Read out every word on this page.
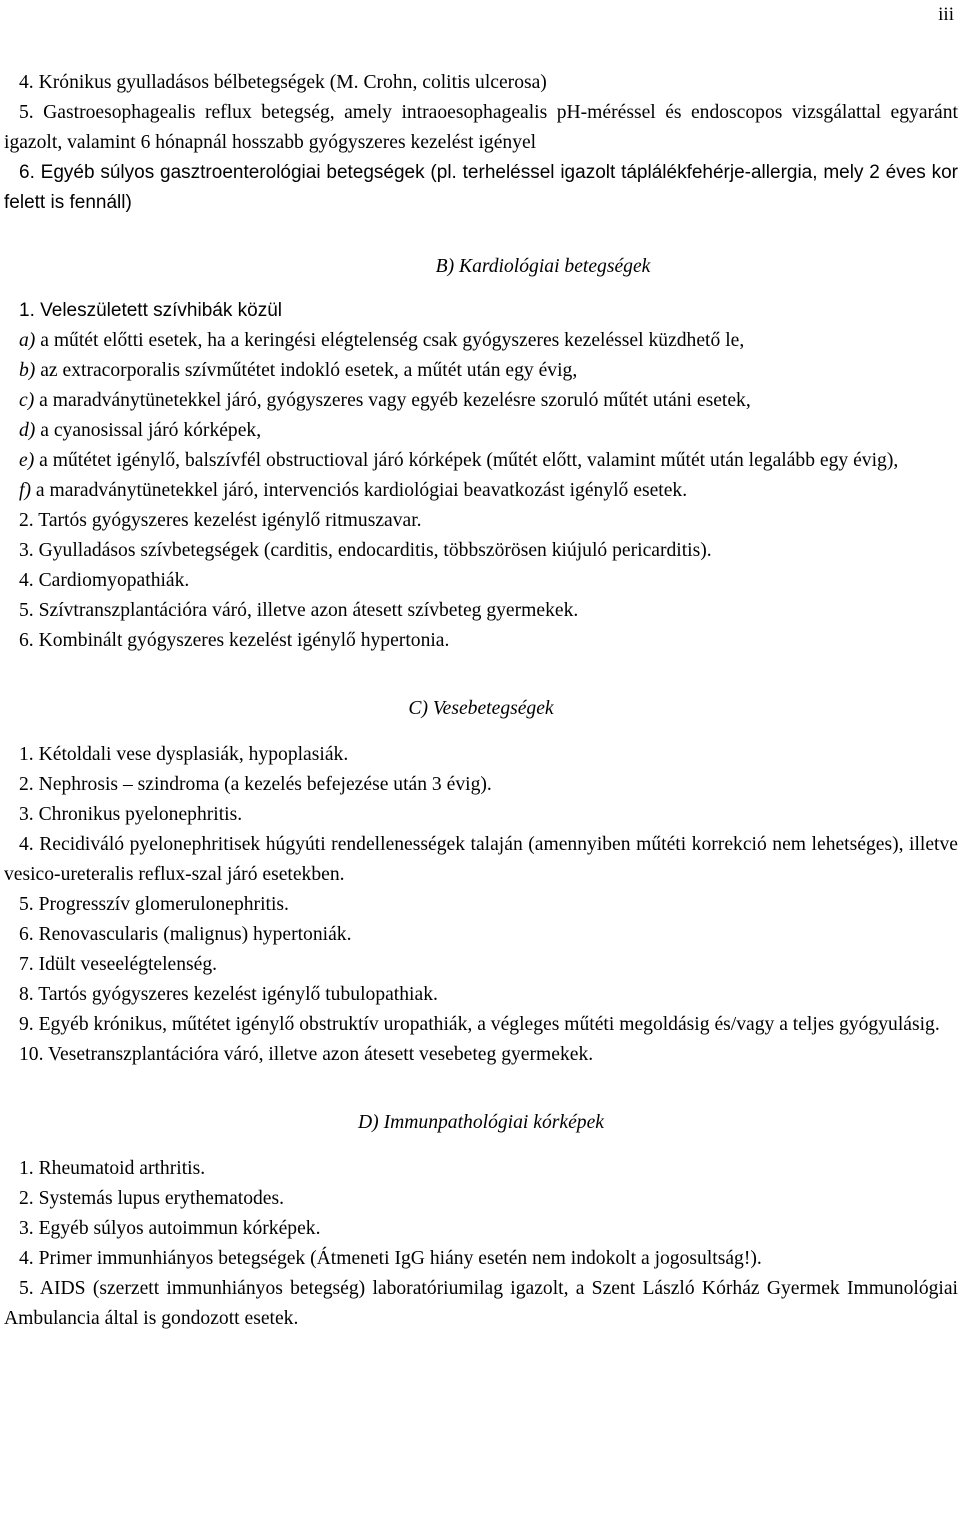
iii

4. Krónikus gyulladásos bélbetegségek (M. Crohn, colitis ulcerosa)

5. Gastroesophagealis reflux betegség, amely intraoesophagealis pH-méréssel és endoscopos vizsgálattal egyaránt igazolt, valamint 6 hónapnál hosszabb gyógyszeres kezelést igényel

6. Egyéb súlyos gasztroenterológiai betegségek (pl. terheléssel igazolt táplálékfehérje-allergia, mely 2 éves kor felett is fennáll)

B) Kardiológiai betegségek

1. Veleszületett szívhibák közül

a) a műtét előtti esetek, ha a keringési elégtelenség csak gyógyszeres kezeléssel küzdhető le,

b) az extracorporalis szívműtétet indokló esetek, a műtét után egy évig,

c) a maradványtünetekkel járó, gyógyszeres vagy egyéb kezelésre szoruló műtét utáni esetek,

d) a cyanosissal járó kórképek,

e) a műtétet igénylő, balszívfél obstructioval járó kórképek (műtét előtt, valamint műtét után legalább egy évig),

f) a maradványtünetekkel járó, intervenciós kardiológiai beavatkozást igénylő esetek.

2. Tartós gyógyszeres kezelést igénylő ritmuszavar.

3. Gyulladásos szívbetegségek (carditis, endocarditis, többszörösen kiújuló pericarditis).

4. Cardiomyopathiák.

5. Szívtranszplantációra váró, illetve azon átesett szívbeteg gyermekek.

6. Kombinált gyógyszeres kezelést igénylő hypertonia.

C) Vesebetegségek

1. Kétoldali vese dysplasiák, hypoplasiák.

2. Nephrosis – szindroma (a kezelés befejezése után 3 évig).

3. Chronikus pyelonephritis.

4. Recidiváló pyelonephritisek húgyúti rendellenességek talaján (amennyiben műtéti korrekció nem lehetséges), illetve vesico-ureteralis reflux-szal járó esetekben.

5. Progresszív glomerulonephritis.

6. Renovascularis (malignus) hypertoniák.

7. Idült veseelégtelenség.

8. Tartós gyógyszeres kezelést igénylő tubulopathiak.

9. Egyéb krónikus, műtétet igénylő obstruktív uropathiák, a végleges műtéti megoldásig és/vagy a teljes gyógyulásig.

10. Vesetranszplantációra váró, illetve azon átesett vesebeteg gyermekek.

D) Immunpathológiai kórképek

1. Rheumatoid arthritis.

2. Systemás lupus erythematodes.

3. Egyéb súlyos autoimmun kórképek.

4. Primer immunhiányos betegségek (Átmeneti IgG hiány esetén nem indokolt a jogosultság!).

5. AIDS (szerzett immunhiányos betegség) laboratóriumilag igazolt, a Szent László Kórház Gyermek Immunológiai Ambulancia által is gondozott esetek.
